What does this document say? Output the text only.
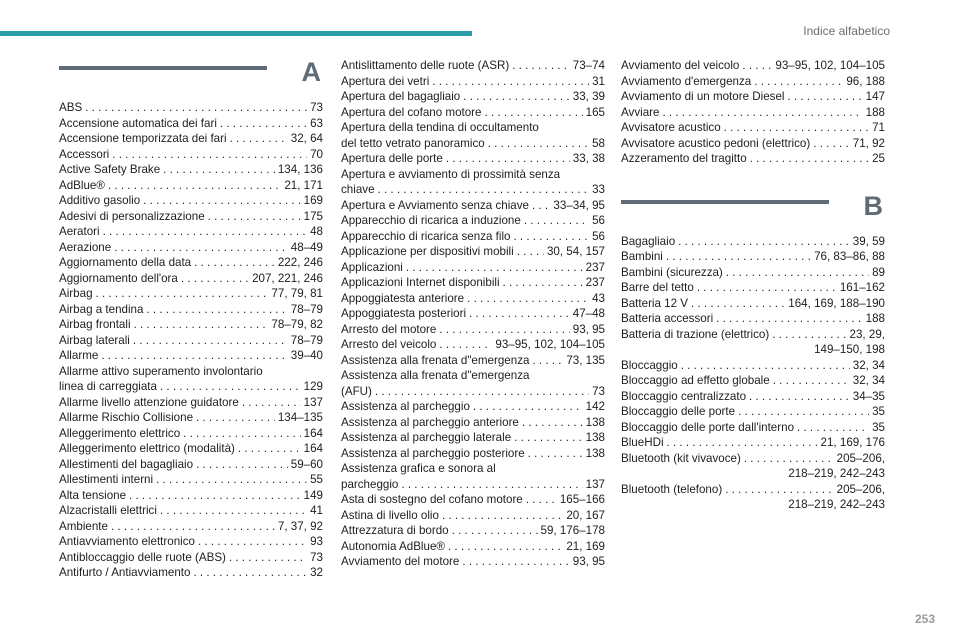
Indice alfabetico
A
ABS . . .	73
Accensione automatica dei fari . . .	63
Accensione temporizzata dei fari . . .	32, 64
Accessori . . .	70
Active Safety Brake . . .	134, 136
AdBlue® . . .	21, 171
Additivo gasolio . . .	169
Adesivi di personalizzazione . . .	175
Aeratori . . .	48
Aerazione . . .	48–49
Aggiornamento della data . . .	222, 246
Aggiornamento dell'ora . . .	207, 221, 246
Airbag . . .	77, 79, 81
Airbag a tendina . . .	78–79
Airbag frontali . . .	78–79, 82
Airbag laterali . . .	78–79
Allarme . . .	39–40
Allarme attivo superamento involontario
linea di carreggiata . . .	129
Allarme livello attenzione guidatore . . .	137
Allarme Rischio Collisione . . .	134–135
Alleggerimento elettrico . . .	164
Alleggerimento elettrico (modalità) . . .	164
Allestimenti del bagagliaio . . .	59–60
Allestimenti interni . . .	55
Alta tensione . . .	149
Alzacristalli elettrici . . .	41
Ambiente . . .	7, 37, 92
Antiavviamento elettronico . . .	93
Antibloccaggio delle ruote (ABS) . . .	73
Antifurto / Antiavviamento . . .	32
Antislittamento delle ruote (ASR) . . .	73–74
Apertura dei vetri . . .	31
Apertura del bagagliaio . . .	33, 39
Apertura del cofano motore . . .	165
Apertura della tendina di occultamento
del tetto vetrato panoramico . . .	58
Apertura delle porte . . .	33, 38
Apertura e avviamento di prossimità senza
chiave . . .	33
Apertura e Avviamento senza chiave . . . 33–34, 95
Apparecchio di ricarica a induzione . . .	56
Apparecchio di ricarica senza filo . . .	56
Applicazione per dispositivi mobili . . .	30, 54, 157
Applicazioni . . .	237
Applicazioni Internet disponibili . . .	237
Appoggiatesta anteriore . . .	43
Appoggiatesta posteriori . . .	47–48
Arresto del motore . . .	93, 95
Arresto del veicolo . . .	93–95, 102, 104–105
Assistenza alla frenata d"emergenza . . .	73, 135
Assistenza alla frenata d"emergenza
(AFU) . . .	73
Assistenza al parcheggio . . .	142
Assistenza al parcheggio anteriore . . .	138
Assistenza al parcheggio laterale . . .	138
Assistenza al parcheggio posteriore . . .	138
Assistenza grafica e sonora al
parcheggio . . .	137
Asta di sostegno del cofano motore . . .	165–166
Astina di livello olio . . .	20, 167
Attrezzatura di bordo . . .	59, 176–178
Autonomia AdBlue® . . .	21, 169
Avviamento del motore . . .	93, 95
Avviamento del veicolo . . .	93–95, 102, 104–105
Avviamento d'emergenza . . .	96, 188
Avviamento di un motore Diesel . . .	147
Avviare . . .	188
Avvisatore acustico . . .	71
Avvisatore acustico pedoni (elettrico) . . .	71, 92
Azzeramento del tragitto . . .	25
B
Bagagliaio . . .	39, 59
Bambini . . .	76, 83–86, 88
Bambini (sicurezza) . . .	89
Barre del tetto . . .	161–162
Batteria 12 V . . .	164, 169, 188–190
Batteria accessori . . .	188
Batteria di trazione (elettrico) . . .	23, 29,
149–150, 198
Bloccaggio . . .	32, 34
Bloccaggio ad effetto globale . . .	32, 34
Bloccaggio centralizzato . . .	34–35
Bloccaggio delle porte . . .	35
Bloccaggio delle porte dall'interno . . .	35
BlueHDi . . .	21, 169, 176
Bluetooth (kit vivavoce) . . .	205–206,
218–219, 242–243
Bluetooth (telefono) . . .	205–206,
218–219, 242–243
253
